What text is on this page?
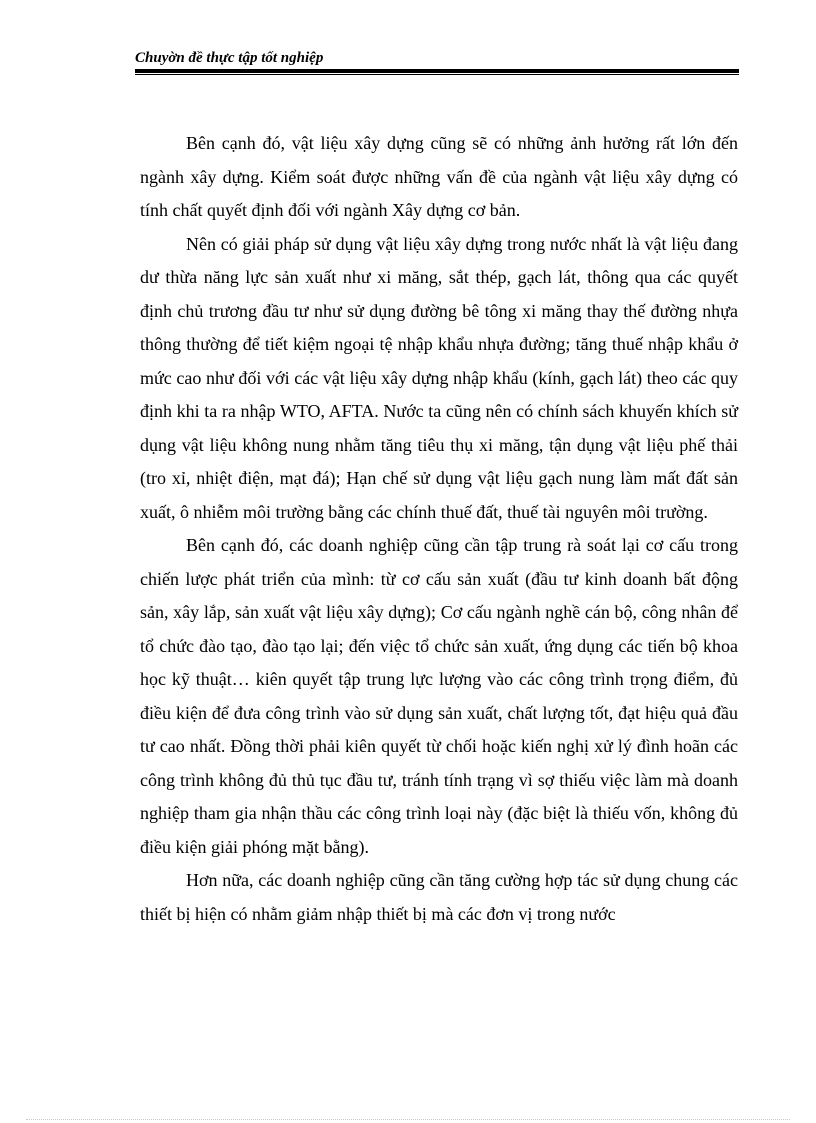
Chuyờn đề thực tập tốt nghiệp

Bên cạnh đó, vật liệu xây dựng cũng sẽ có những ảnh hưởng rất lớn đến ngành xây dựng. Kiểm soát được những vấn đề của ngành vật liệu xây dựng có tính chất quyết định đối với ngành Xây dựng cơ bản.

Nên có giải pháp sử dụng vật liệu xây dựng trong nước nhất là vật liệu đang dư thừa năng lực sản xuất như xi măng, sắt thép, gạch lát, thông qua các quyết định chủ trương đầu tư như sử dụng đường bê tông xi măng thay thế đường nhựa thông thường để tiết kiệm ngoại tệ nhập khẩu nhựa đường; tăng thuế nhập khẩu ở mức cao như đối với các vật liệu xây dựng nhập khẩu (kính, gạch lát) theo các quy định khi ta ra nhập WTO, AFTA. Nước ta cũng nên có chính sách khuyến khích sử dụng vật liệu không nung nhằm tăng tiêu thụ xi măng, tận dụng vật liệu phế thải (tro xỉ, nhiệt điện, mạt đá); Hạn chế sử dụng vật liệu gạch nung làm mất đất sản xuất, ô nhiễm môi trường bằng các chính thuế đất, thuế tài nguyên môi trường.

Bên cạnh đó, các doanh nghiệp cũng cần tập trung rà soát lại cơ cấu trong chiến lược phát triển của mình: từ cơ cấu sản xuất (đầu tư kinh doanh bất động sản, xây lắp, sản xuất vật liệu xây dựng); Cơ cấu ngành nghề cán bộ, công nhân để tổ chức đào tạo, đào tạo lại; đến việc tổ chức sản xuất, ứng dụng các tiến bộ khoa học kỹ thuật… kiên quyết tập trung lực lượng vào các công trình trọng điểm, đủ điều kiện để đưa công trình vào sử dụng sản xuất, chất lượng tốt, đạt hiệu quả đầu tư cao nhất. Đồng thời phải kiên quyết từ chối hoặc kiến nghị xử lý đình hoãn các công trình không đủ thủ tục đầu tư, tránh tính trạng vì sợ thiếu việc làm mà doanh nghiệp tham gia nhận thầu các công trình loại này (đặc biệt là thiếu vốn, không đủ điều kiện giải phóng mặt bằng).

Hơn nữa, các doanh nghiệp cũng cần tăng cường hợp tác sử dụng chung các thiết bị hiện có nhằm giảm nhập thiết bị mà các đơn vị trong nước
